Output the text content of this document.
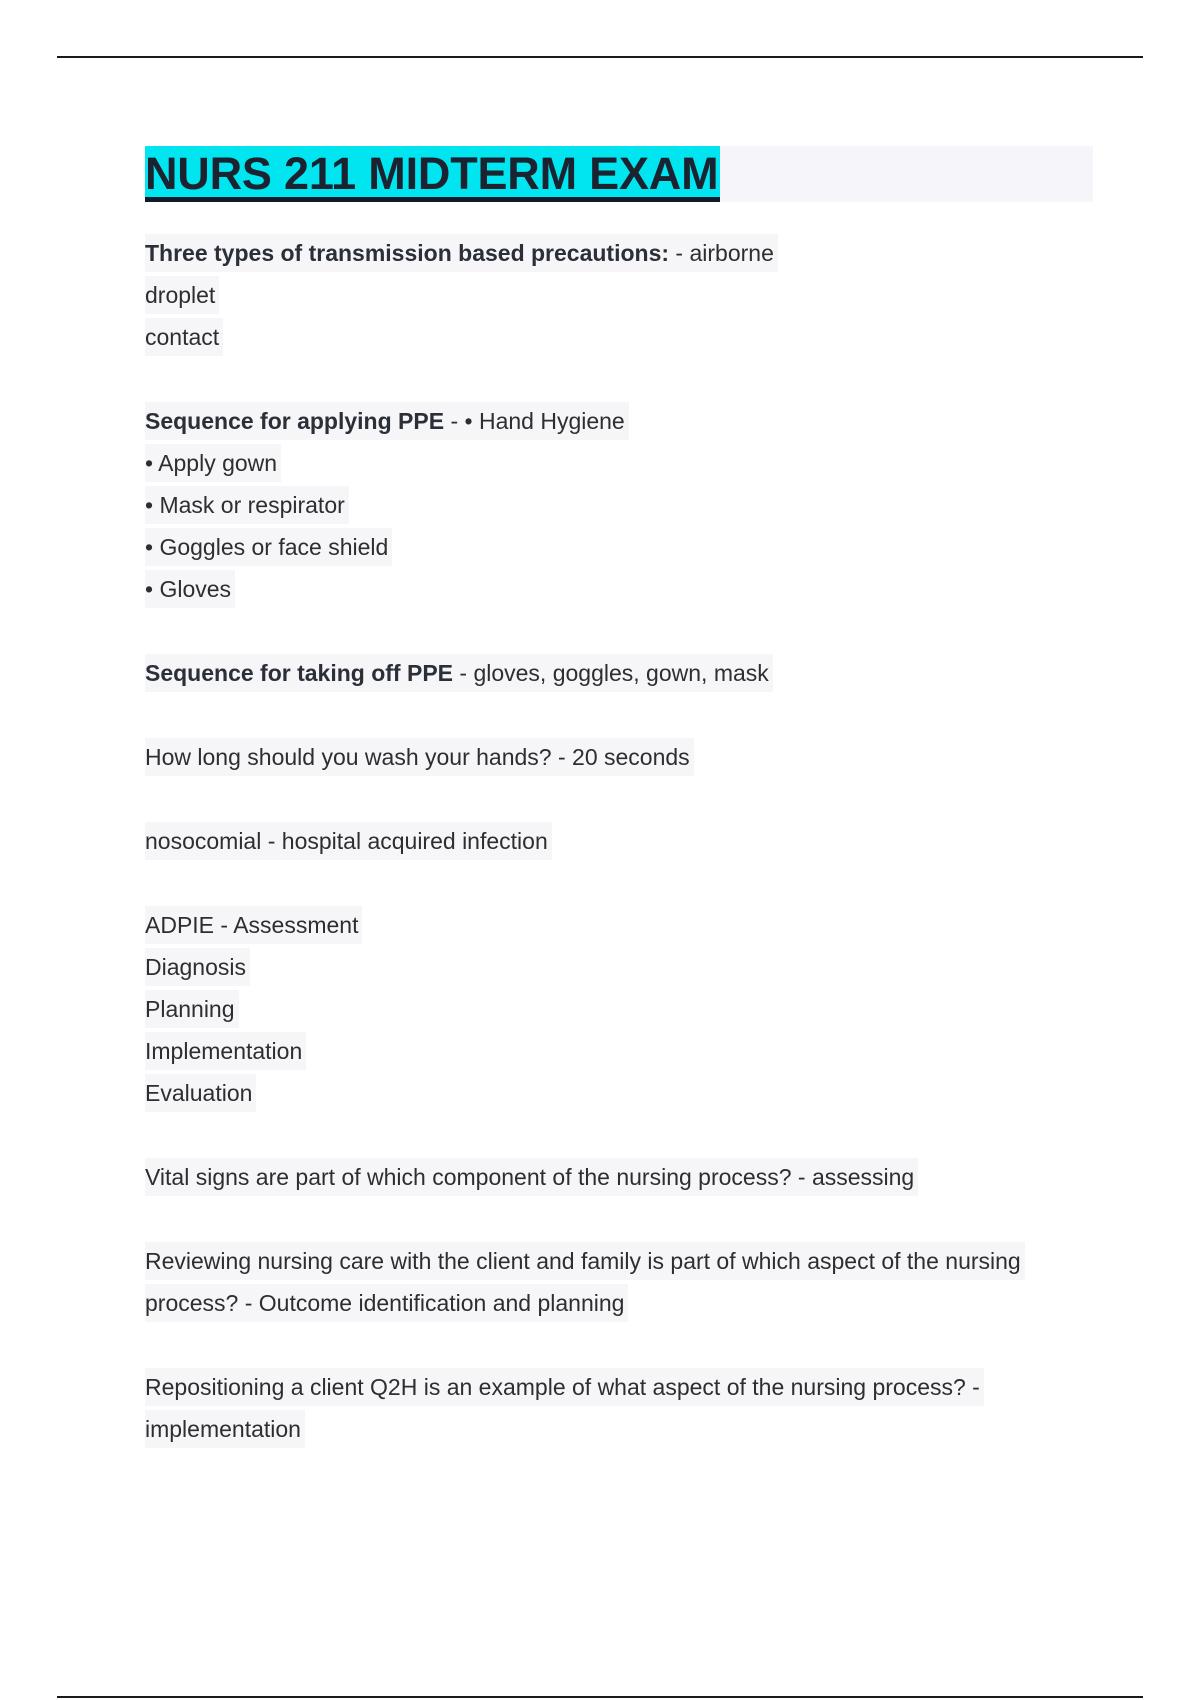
NURS 211 MIDTERM EXAM
Three types of transmission based precautions: - airborne
droplet
contact
Sequence for applying PPE - • Hand Hygiene
• Apply gown
• Mask or respirator
• Goggles or face shield
• Gloves
Sequence for taking off PPE - gloves, goggles, gown, mask
How long should you wash your hands? - 20 seconds
nosocomial - hospital acquired infection
ADPIE - Assessment
Diagnosis
Planning
Implementation
Evaluation
Vital signs are part of which component of the nursing process? - assessing
Reviewing nursing care with the client and family is part of which aspect of the nursing
process? - Outcome identification and planning
Repositioning a client Q2H is an example of what aspect of the nursing process? -
implementation
